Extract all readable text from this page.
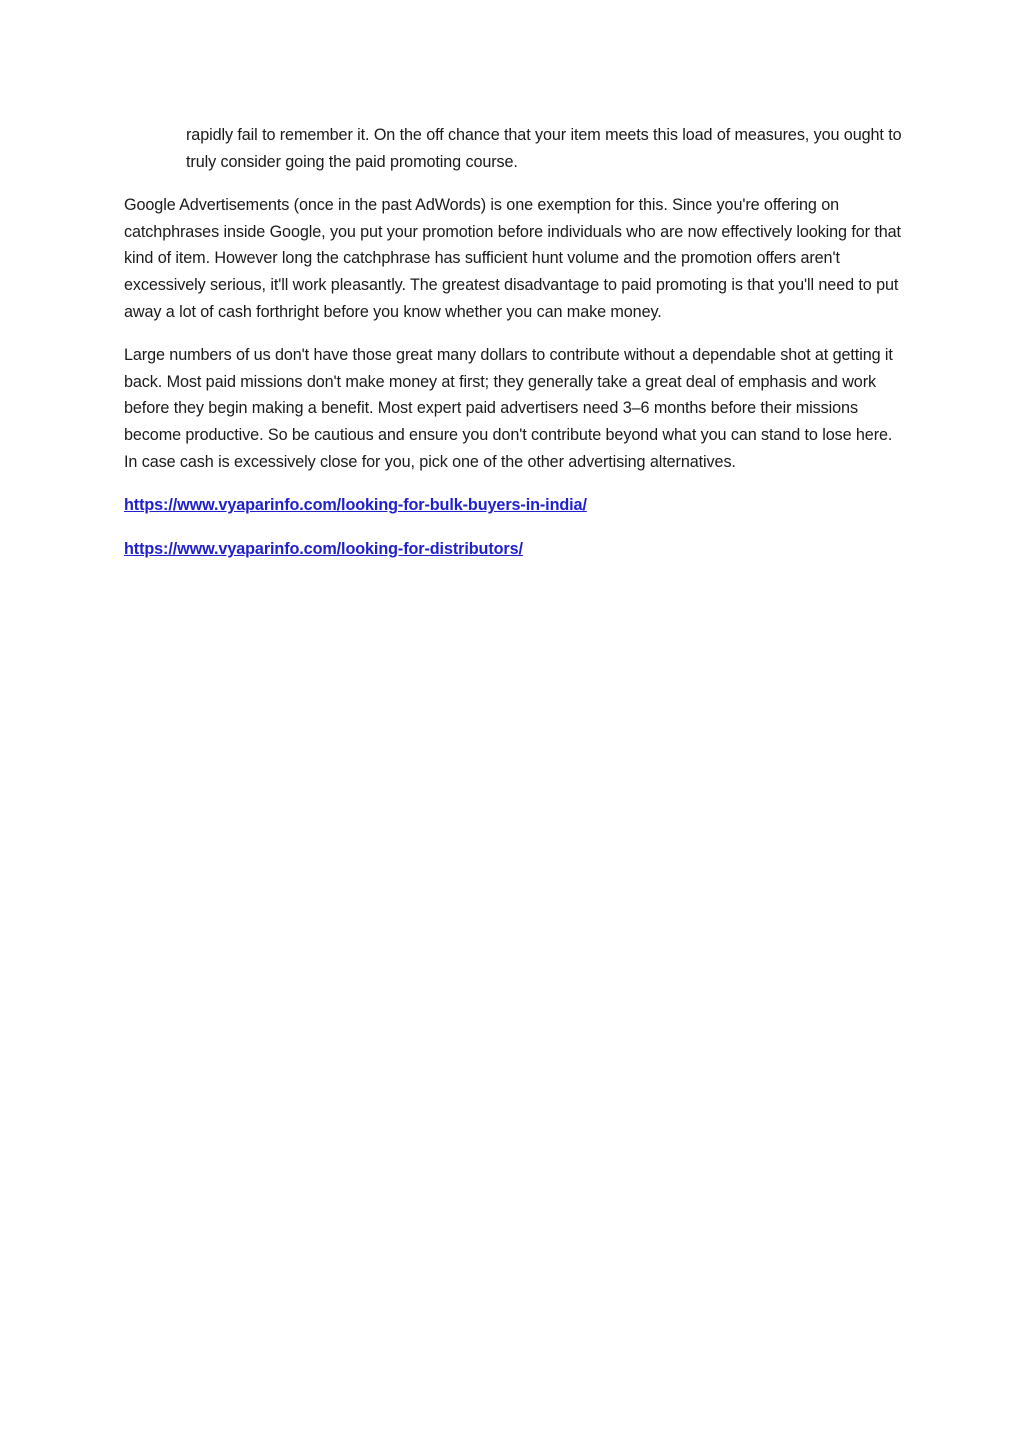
rapidly fail to remember it. On the off chance that your item meets this load of measures, you ought to truly consider going the paid promoting course.

Google Advertisements (once in the past AdWords) is one exemption for this. Since you're offering on catchphrases inside Google, you put your promotion before individuals who are now effectively looking for that kind of item. However long the catchphrase has sufficient hunt volume and the promotion offers aren't excessively serious, it'll work pleasantly. The greatest disadvantage to paid promoting is that you'll need to put away a lot of cash forthright before you know whether you can make money.

Large numbers of us don't have those great many dollars to contribute without a dependable shot at getting it back. Most paid missions don't make money at first; they generally take a great deal of emphasis and work before they begin making a benefit. Most expert paid advertisers need 3–6 months before their missions become productive. So be cautious and ensure you don't contribute beyond what you can stand to lose here. In case cash is excessively close for you, pick one of the other advertising alternatives.

https://www.vyaparinfo.com/looking-for-bulk-buyers-in-india/

https://www.vyaparinfo.com/looking-for-distributors/
